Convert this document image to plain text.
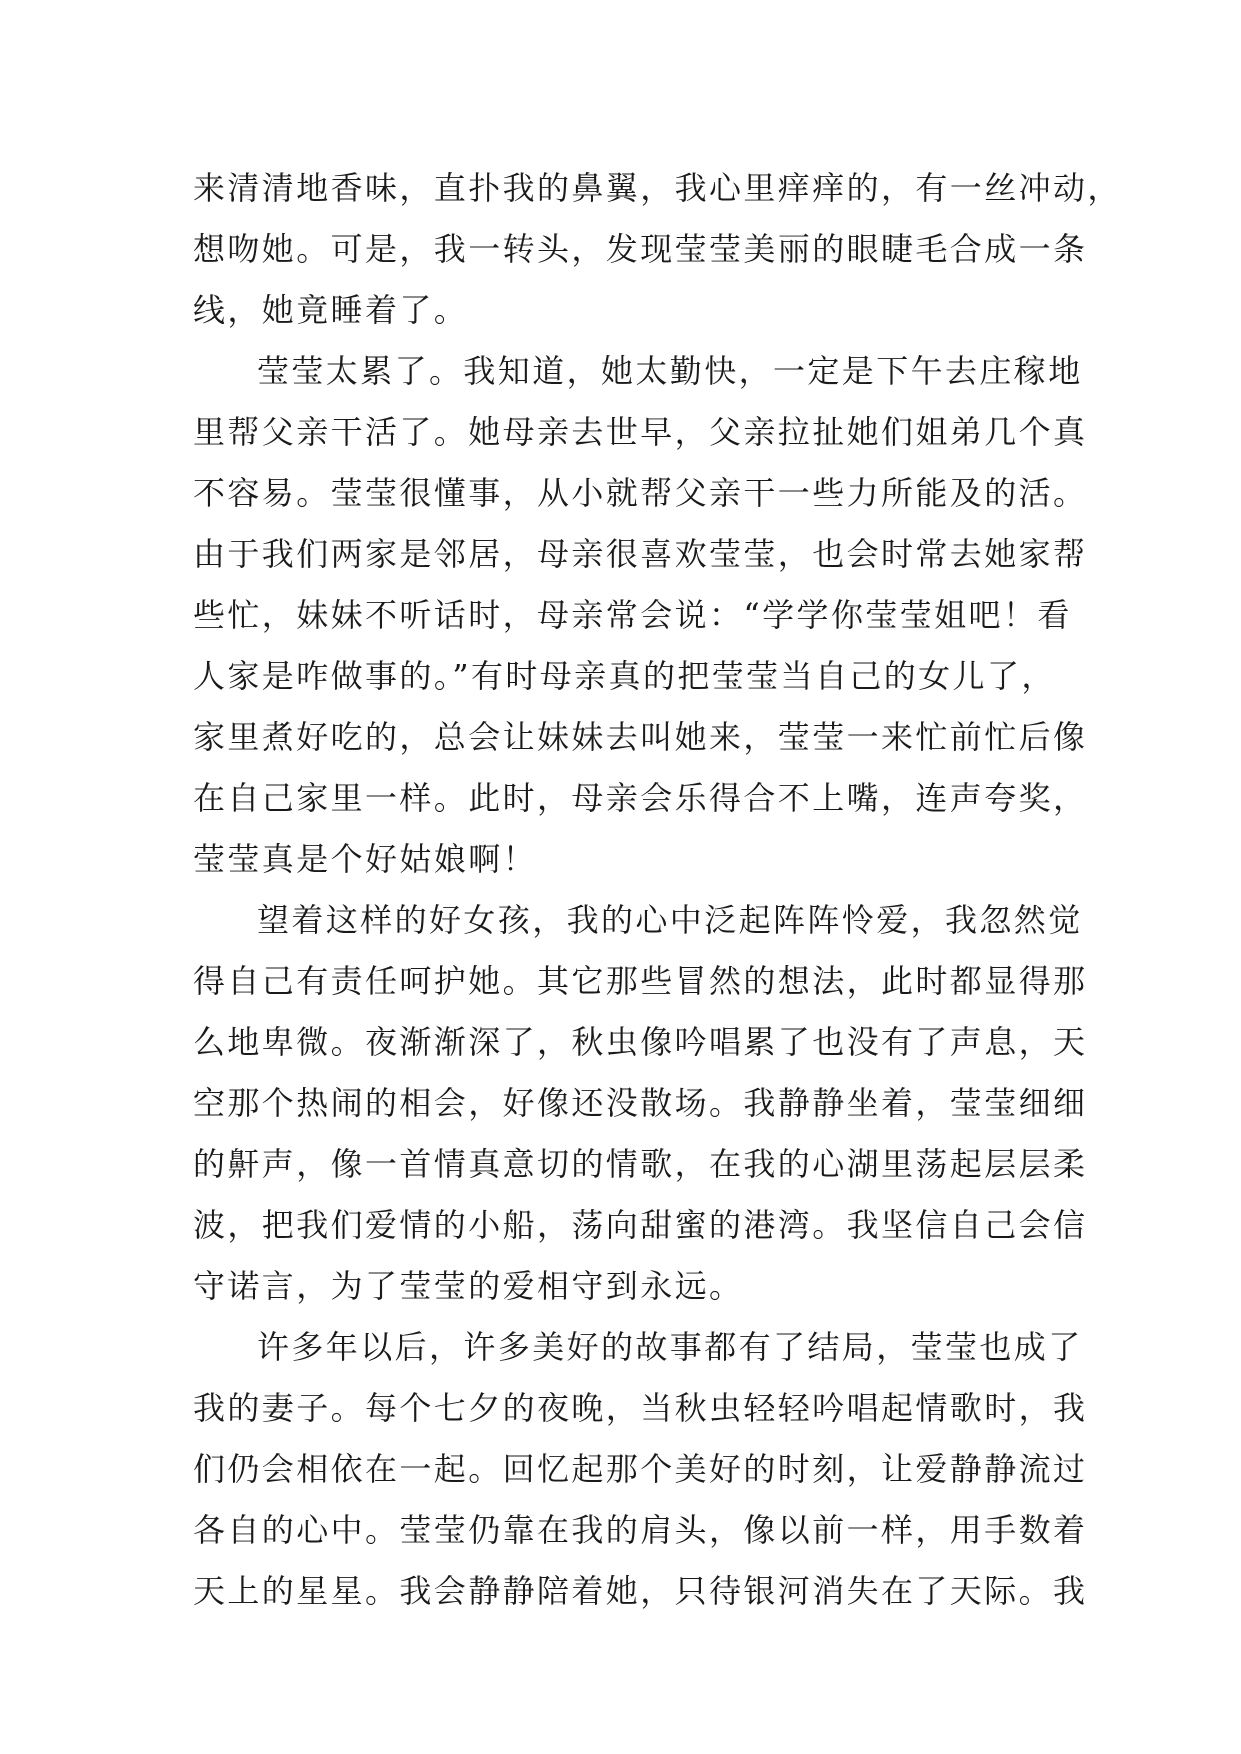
来清清地香味，直扑我的鼻翼，我心里痒痒的，有一丝冲动，
想吻她。可是，我一转头，发现莹莹美丽的眼睫毛合成一条
线，她竟睡着了。
莹莹太累了。我知道，她太勤快，一定是下午去庄稼地
里帮父亲干活了。她母亲去世早，父亲拉扯她们姐弟几个真
不容易。莹莹很懂事，从小就帮父亲干一些力所能及的活。
由于我们两家是邻居，母亲很喜欢莹莹，也会时常去她家帮
些忙，妹妹不听话时，母亲常会说：“学学你莹莹姐吧！看
人家是咋做事的。”有时母亲真的把莹莹当自己的女儿了，
家里煮好吃的，总会让妹妹去叫她来，莹莹一来忙前忙后像
在自己家里一样。此时，母亲会乐得合不上嘴，连声夸奖，
莹莹真是个好姑娘啊！
望着这样的好女孩，我的心中泛起阵阵怜爱，我忽然觉
得自己有责任呵护她。其它那些冒然的想法，此时都显得那
么地卑微。夜渐渐深了，秋虫像吟唱累了也没有了声息，天
空那个热闹的相会，好像还没散场。我静静坐着，莹莹细细
的鼾声，像一首情真意切的情歌，在我的心湖里荡起层层柔
波，把我们爱情的小船，荡向甜蜜的港湾。我坚信自己会信
守诺言，为了莹莹的爱相守到永远。
许多年以后，许多美好的故事都有了结局，莹莹也成了
我的妻子。每个七夕的夜晚，当秋虫轻轻吟唱起情歌时，我
们仍会相依在一起。回忆起那个美好的时刻，让爱静静流过
各自的心中。莹莹仍靠在我的肩头，像以前一样，用手数着
天上的星星。我会静静陪着她，只待银河消失在了天际。我
